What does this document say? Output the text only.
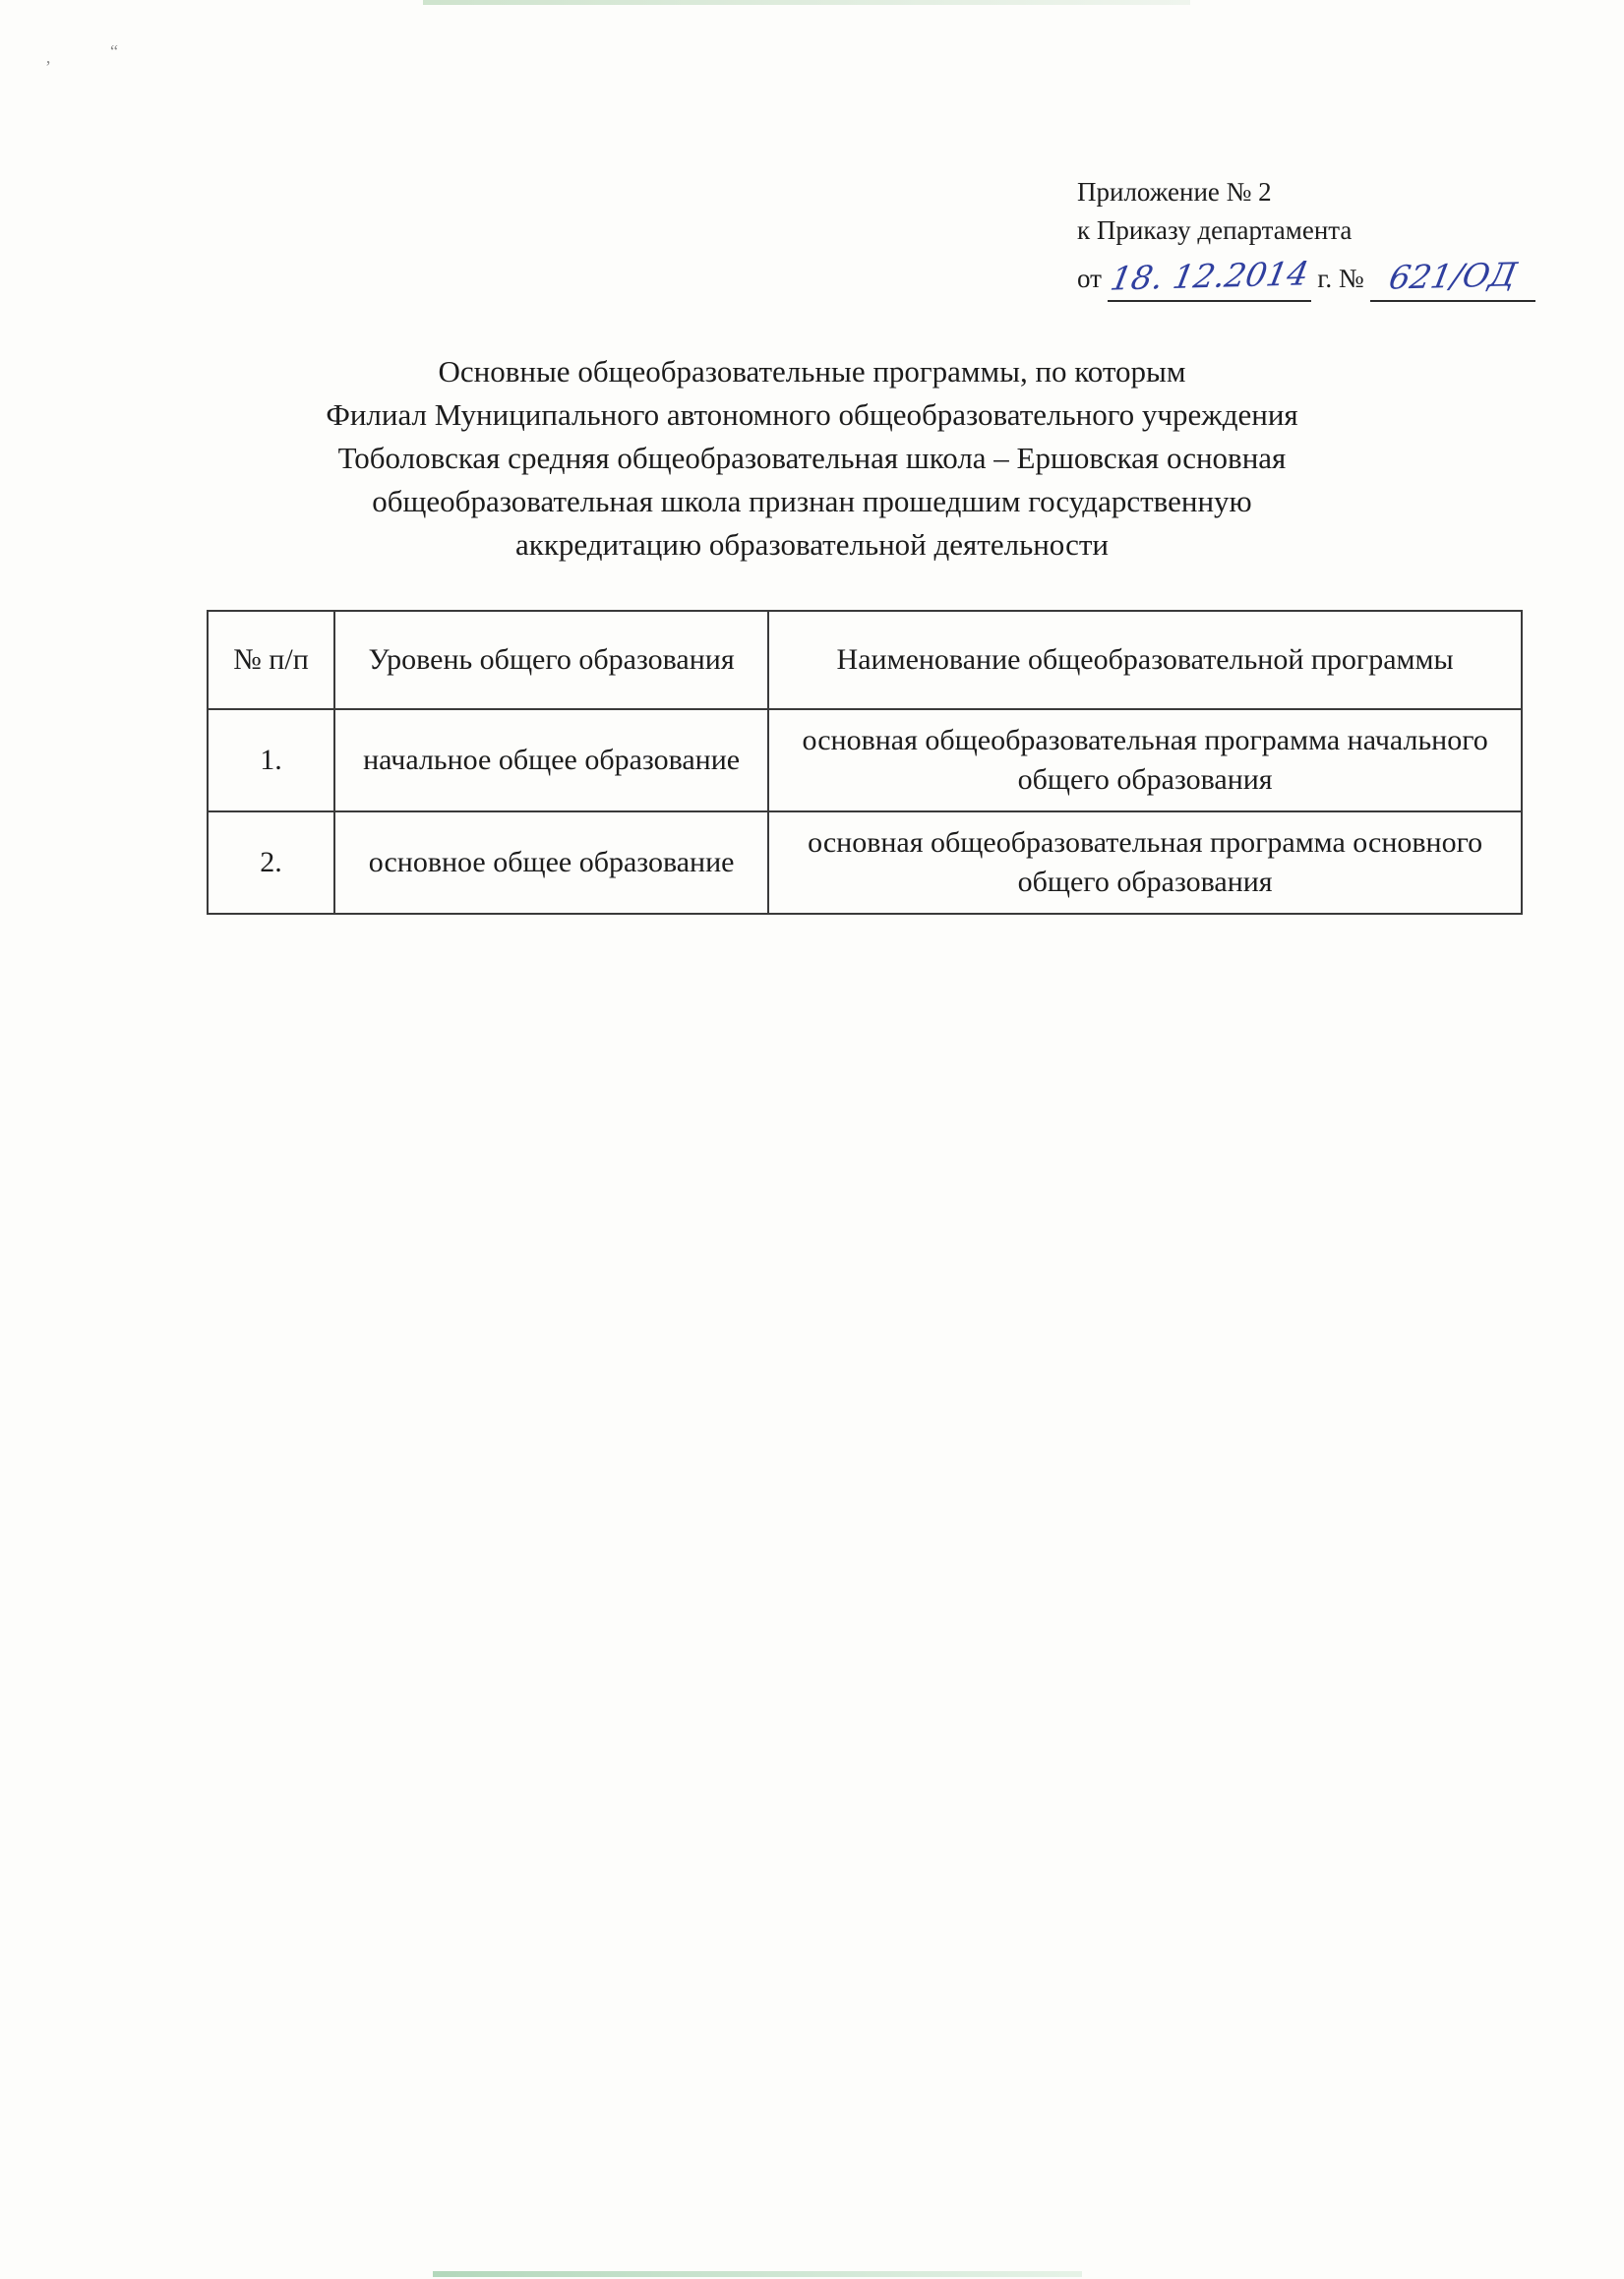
‚	“
Приложение № 2
к Приказу департамента
от 18. 12.2014 г. № 621/ОД
Основные общеобразовательные программы, по которым
Филиал Муниципального автономного общеобразовательного учреждения
Тоболовская средняя общеобразовательная школа – Ершовская основная
общеобразовательная школа признан прошедшим государственную
аккредитацию образовательной деятельности
№ п/п	Уровень общего образования	Наименование общеобразовательной программы
1.	начальное общее образование	основная общеобразовательная программа начального общего образования
2.	основное общее образование	основная общеобразовательная программа основного общего образования
